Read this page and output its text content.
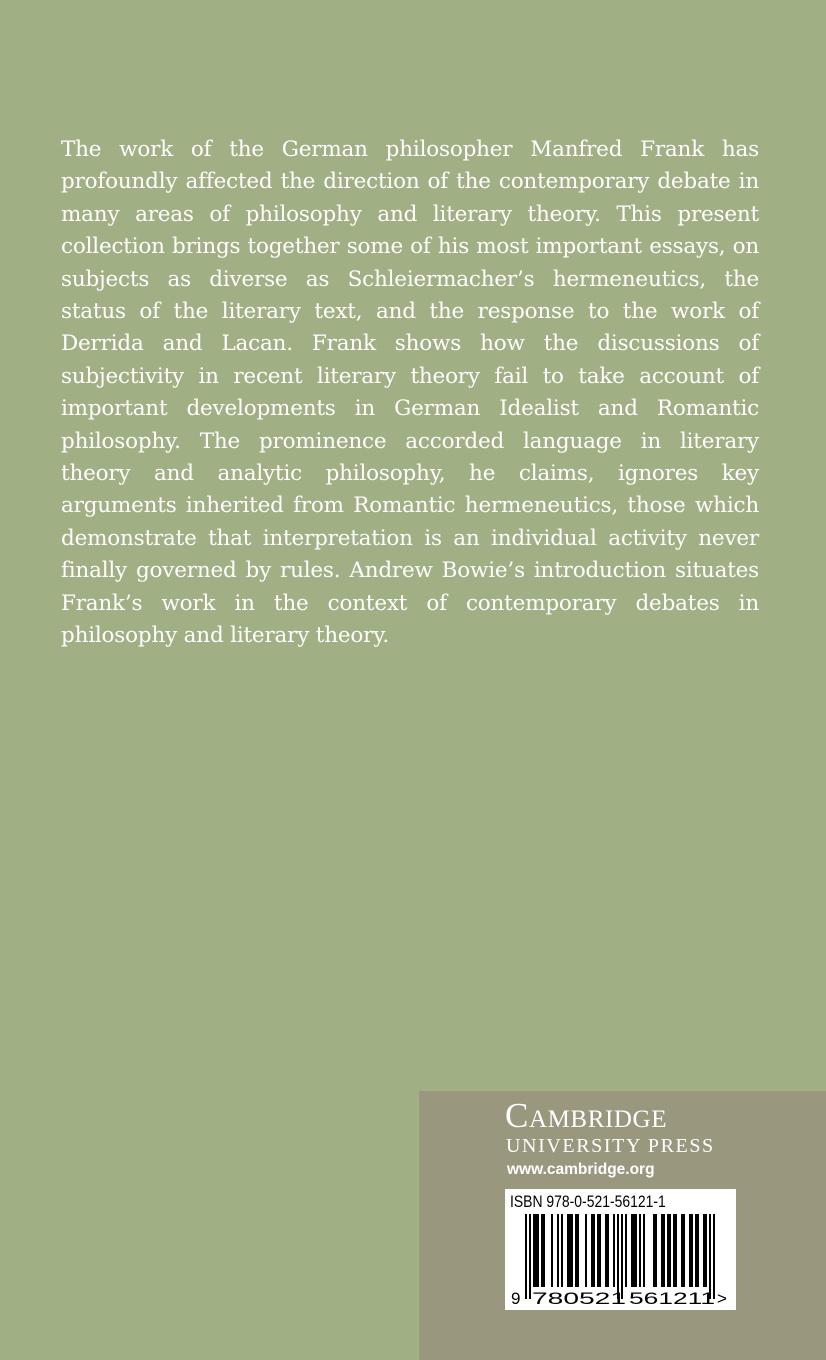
The work of the German philosopher Manfred Frank has profoundly affected the direction of the contemporary debate in many areas of philosophy and literary theory. This present collection brings together some of his most important essays, on subjects as diverse as Schleiermacher’s hermeneutics, the status of the literary text, and the response to the work of Derrida and Lacan. Frank shows how the discussions of subjectivity in recent literary theory fail to take account of important developments in German Idealist and Romantic philosophy. The prominence accorded language in literary theory and analytic philosophy, he claims, ignores key arguments inherited from Romantic hermeneutics, those which demonstrate that interpretation is an individual activity never finally governed by rules. Andrew Bowie’s introduction situates Frank’s work in the context of contemporary debates in philosophy and literary theory.

Cambridge
UNIVERSITY PRESS
www.cambridge.org
9 780521 561211 >
ISBN 978-0-521-56121-1
